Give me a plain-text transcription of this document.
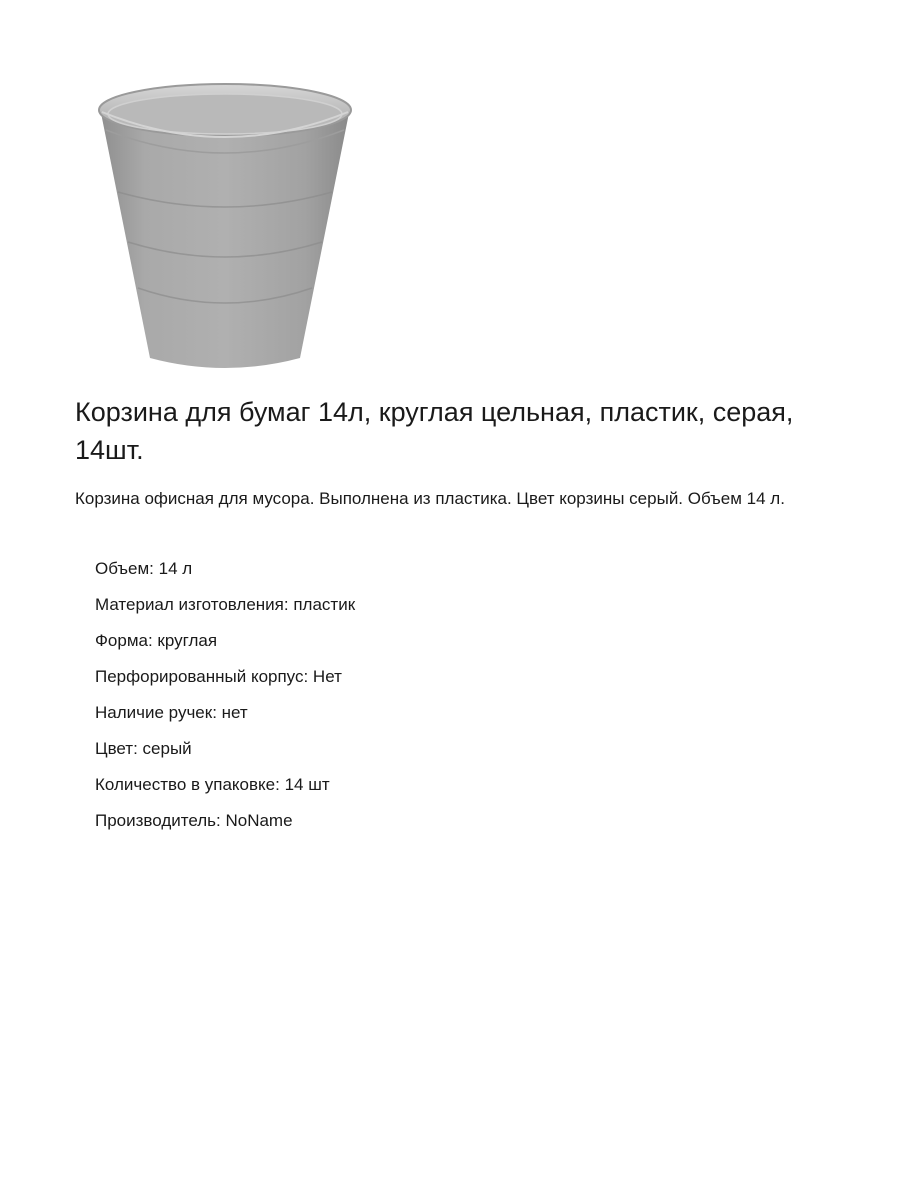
Корзина для бумаг 14л, круглая цельная, пластик, серая, 14шт.

Корзина офисная для мусора. Выполнена из пластика. Цвет корзины серый. Объем 14 л.

Объем: 14 л
Материал изготовления: пластик
Форма: круглая
Перфорированный корпус: Нет
Наличие ручек: нет
Цвет: серый
Количество в упаковке: 14 шт
Производитель: NoName
